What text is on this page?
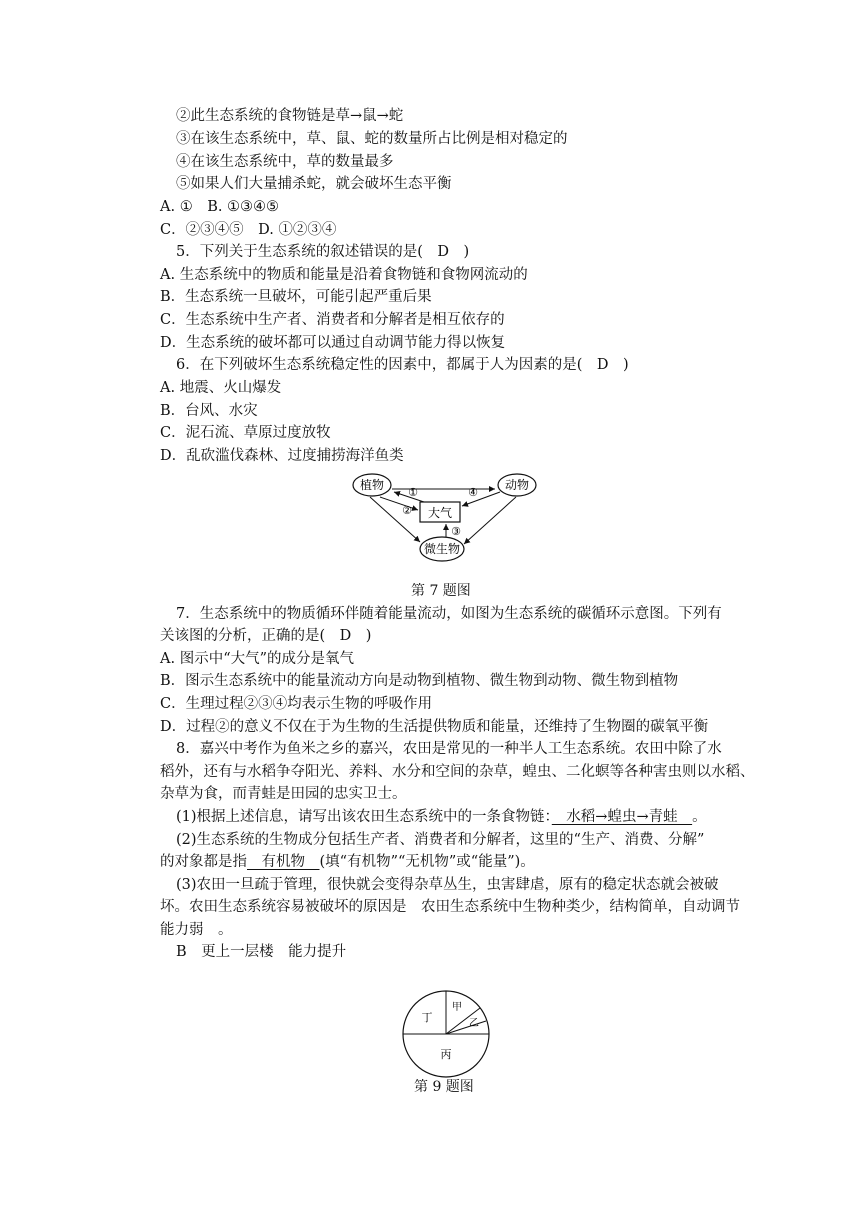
②此生态系统的食物链是草→鼠→蛇
③在该生态系统中，草、鼠、蛇的数量所占比例是相对稳定的
④在该生态系统中，草的数量最多
⑤如果人们大量捕杀蛇，就会破坏生态平衡
A. ①　B. ①③④⑤
C．②③④⑤　D. ①②③④
5．下列关于生态系统的叙述错误的是(　D　)
A. 生态系统中的物质和能量是沿着食物链和食物网流动的
B．生态系统一旦破坏，可能引起严重后果
C．生态系统中生产者、消费者和分解者是相互依存的
D．生态系统的破坏都可以通过自动调节能力得以恢复
6．在下列破坏生态系统稳定性的因素中，都属于人为因素的是(　D　)
A. 地震、火山爆发
B．台风、水灾
C．泥石流、草原过度放牧
D．乱砍滥伐森林、过度捕捞海洋鱼类
植物	动物
大气
微生物
①
②
③
④
第 7 题图
7．生态系统中的物质循环伴随着能量流动，如图为生态系统的碳循环示意图。下列有
关该图的分析，正确的是(　D　)
A. 图示中“大气”的成分是氧气
B．图示生态系统中的能量流动方向是动物到植物、微生物到动物、微生物到植物
C．生理过程②③④均表示生物的呼吸作用
D．过程②的意义不仅在于为生物的生活提供物质和能量，还维持了生物圈的碳氧平衡
8．嘉兴中考作为鱼米之乡的嘉兴，农田是常见的一种半人工生态系统。农田中除了水
稻外，还有与水稻争夺阳光、养料、水分和空间的杂草，蝗虫、二化螟等各种害虫则以水稻、
杂草为食，而青蛙是田园的忠实卫士。
(1)根据上述信息，请写出该农田生态系统中的一条食物链：　水稻→蝗虫→青蛙　。
(2)生态系统的生物成分包括生产者、消费者和分解者，这里的“生产、消费、分解”
的对象都是指　有机物　(填“有机物”“无机物”或“能量”)。
(3)农田一旦疏于管理，很快就会变得杂草丛生，虫害肆虐，原有的稳定状态就会被破
坏。农田生态系统容易被破坏的原因是　农田生态系统中生物种类少，结构简单，自动调节
能力弱　。
B　更上一层楼　能力提升
丁
甲
乙
丙
第 9 题图
